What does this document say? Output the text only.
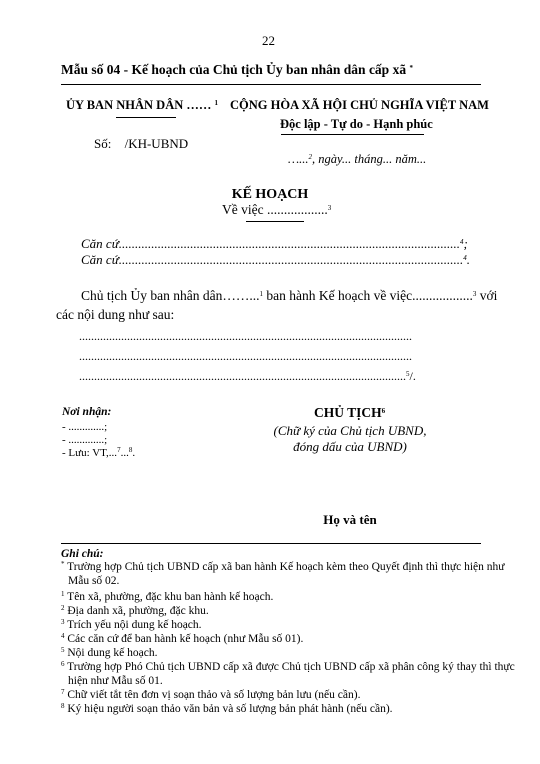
22
Mẫu số 04 - Kế hoạch của Chủ tịch Ủy ban nhân dân cấp xã *
ỦY BAN NHÂN DÂN …… $^1$ CỘNG HÒA XÃ HỘI CHỦ NGHĨA VIỆT NAM
Độc lập - Tự do - Hạnh phúc
Số: /KH-UBND
…...$^2$, ngày... tháng... năm...
KẾ HOẠCH
Về việc ..................$^3$
Căn cứ.........................................................................................................$^4$;
Căn cứ..........................................................................................................$^4$.
Chủ tịch Ủy ban nhân dân……...$^1$ ban hành Kế hoạch về việc..................$^3$ với
các nội dung như sau:
...............................................................................................................
...............................................................................................................
.............................................................................................................$^5$/.
Nơi nhận:
- .............;
- .............;
- Lưu: VT,...$^7$...$^8$.
CHỦ TỊCH$^6$
(Chữ ký của Chủ tịch UBND,
đóng dấu của UBND)
Họ và tên
Ghi chú:
* Trường hợp Chủ tịch UBND cấp xã ban hành Kế hoạch kèm theo Quyết định thì thực hiện như
Mẫu số 02.
$^1$ Tên xã, phường, đặc khu ban hành kế hoạch.
$^2$ Địa danh xã, phường, đặc khu.
$^3$ Trích yếu nội dung kế hoạch.
$^4$ Các căn cứ để ban hành kế hoạch (như Mẫu số 01).
$^5$ Nội dung kế hoạch.
$^6$ Trường hợp Phó Chủ tịch UBND cấp xã được Chủ tịch UBND cấp xã phân công ký thay thì thực
hiện như Mẫu số 01.
$^7$ Chữ viết tắt tên đơn vị soạn thảo và số lượng bản lưu (nếu cần).
$^8$ Ký hiệu người soạn thảo văn bản và số lượng bản phát hành (nếu cần).
